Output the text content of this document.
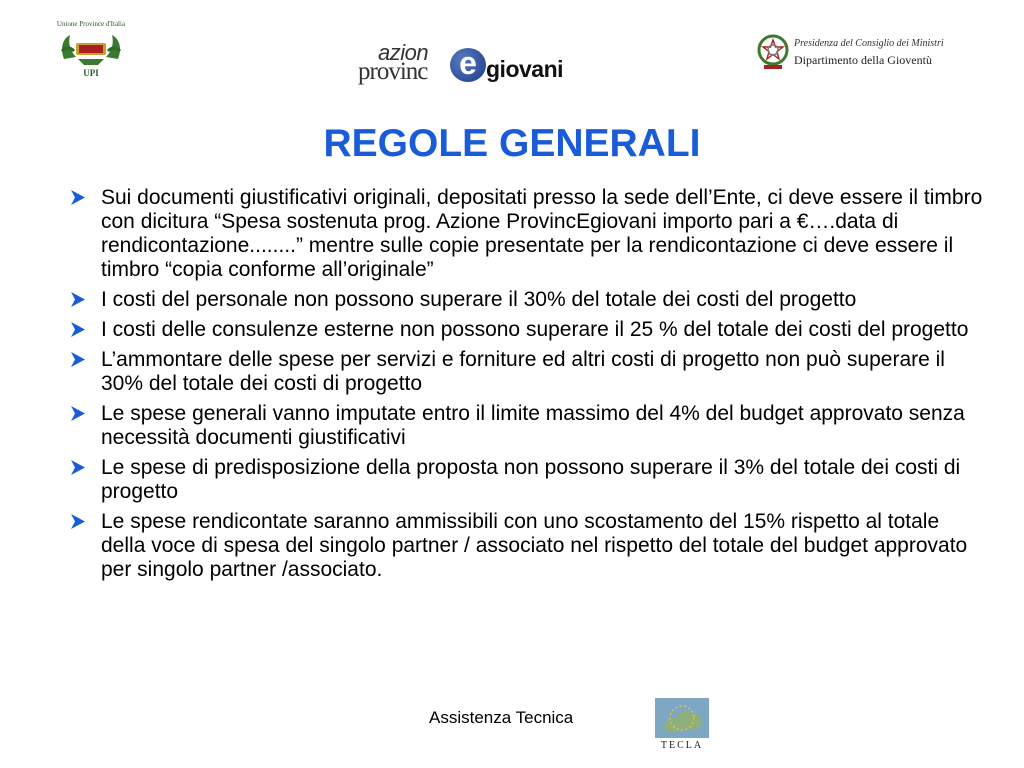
Unione Province d'Italia
UPI
azion
provinc e giovani
Presidenza del Consiglio dei Ministri
Dipartimento della Gioventù
REGOLE GENERALI
Sui documenti giustificativi originali, depositati presso la sede dell’Ente, ci deve essere il timbro con dicitura “Spesa sostenuta prog. Azione ProvincEgiovani importo pari a €….data di rendicontazione........” mentre sulle copie presentate per la rendicontazione ci deve essere il timbro “copia conforme all’originale”
I costi del personale non possono superare il 30% del totale dei costi del progetto
I costi delle consulenze esterne non possono superare il 25 % del totale dei costi del progetto
L’ammontare delle spese per servizi e forniture ed altri costi di progetto non può superare il 30% del totale dei costi di progetto
Le spese generali vanno imputate entro il limite massimo del 4% del budget approvato senza necessità documenti giustificativi
Le spese di predisposizione della proposta non possono superare il 3% del totale dei costi di progetto
Le spese rendicontate saranno ammissibili con uno scostamento del 15% rispetto al totale della voce di spesa del singolo partner / associato nel rispetto del totale del budget approvato per singolo partner /associato.
Assistenza Tecnica
TECLA
